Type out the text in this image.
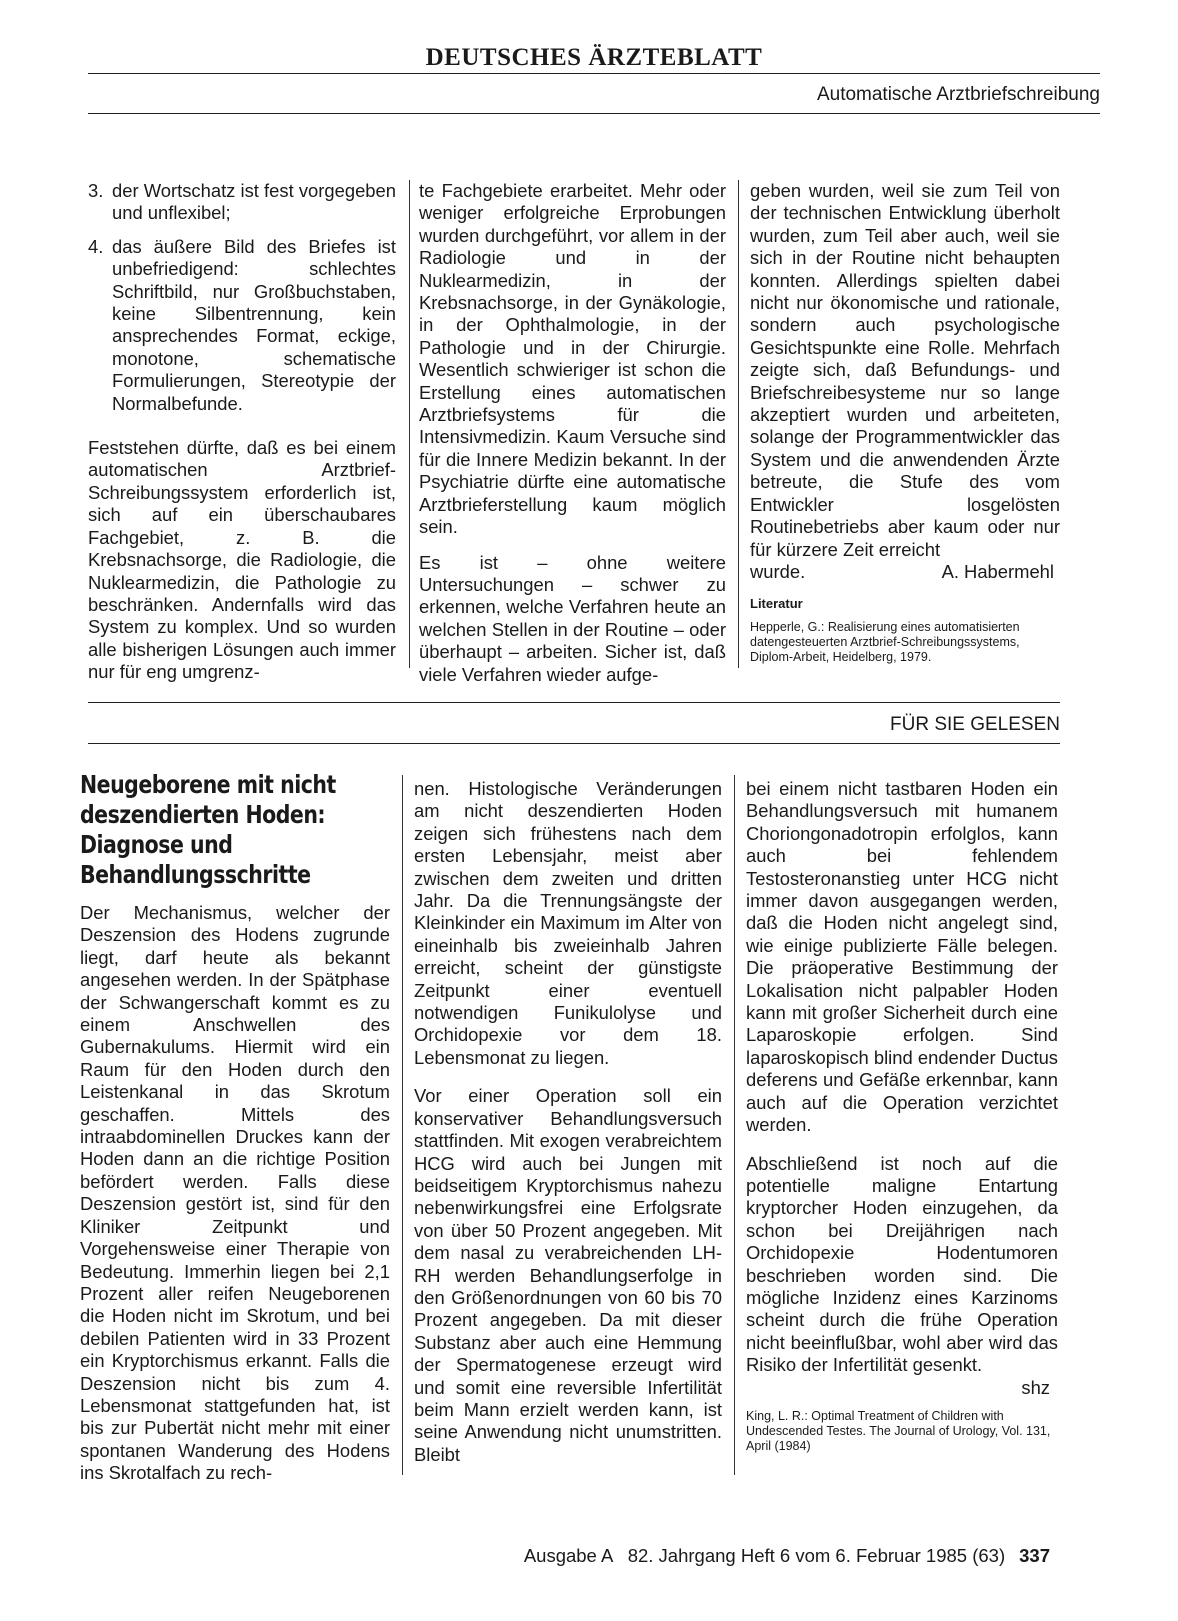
DEUTSCHES ÄRZTEBLATT
Automatische Arztbriefschreibung
3. der Wortschatz ist fest vorgegeben und unflexibel;
4. das äußere Bild des Briefes ist unbefriedigend: schlechtes Schriftbild, nur Großbuchstaben, keine Silbentrennung, kein ansprechendes Format, eckige, monotone, schematische Formulierungen, Stereotypie der Normalbefunde.

Feststehen dürfte, daß es bei einem automatischen Arztbrief-Schreibungssystem erforderlich ist, sich auf ein überschaubares Fachgebiet, z. B. die Krebsnachsorge, die Radiologie, die Nuklearmedizin, die Pathologie zu beschränken. Andernfalls wird das System zu komplex. Und so wurden alle bisherigen Lösungen auch immer nur für eng umgrenz-

te Fachgebiete erarbeitet. Mehr oder weniger erfolgreiche Erprobungen wurden durchgeführt, vor allem in der Radiologie und in der Nuklearmedizin, in der Krebsnachsorge, in der Gynäkologie, in der Ophthalmologie, in der Pathologie und in der Chirurgie. Wesentlich schwieriger ist schon die Erstellung eines automatischen Arztbriefsystems für die Intensivmedizin. Kaum Versuche sind für die Innere Medizin bekannt. In der Psychiatrie dürfte eine automatische Arztbrieferstellung kaum möglich sein.

Es ist – ohne weitere Untersuchungen – schwer zu erkennen, welche Verfahren heute an welchen Stellen in der Routine – oder überhaupt – arbeiten. Sicher ist, daß viele Verfahren wieder aufge-

geben wurden, weil sie zum Teil von der technischen Entwicklung überholt wurden, zum Teil aber auch, weil sie sich in der Routine nicht behaupten konnten. Allerdings spielten dabei nicht nur ökonomische und rationale, sondern auch psychologische Gesichtspunkte eine Rolle. Mehrfach zeigte sich, daß Befundungs- und Briefschreibesysteme nur so lange akzeptiert wurden und arbeiteten, solange der Programmentwickler das System und die anwendenden Ärzte betreute, die Stufe des vom Entwickler losgelösten Routinebetriebs aber kaum oder nur für kürzere Zeit erreicht

wurde.	A. Habermehl
Literatur
Hepperle, G.: Realisierung eines automatisierten datengesteuerten Arztbrief-Schreibungssystems, Diplom-Arbeit, Heidelberg, 1979.
FÜR SIE GELESEN
Neugeborene mit nicht deszendierten Hoden: Diagnose und Behandlungsschritte

Der Mechanismus, welcher der Deszension des Hodens zugrunde liegt, darf heute als bekannt angesehen werden. In der Spätphase der Schwangerschaft kommt es zu einem Anschwellen des Gubernakulums. Hiermit wird ein Raum für den Hoden durch den Leistenkanal in das Skrotum geschaffen. Mittels des intraabdominellen Druckes kann der Hoden dann an die richtige Position befördert werden. Falls diese Deszension gestört ist, sind für den Kliniker Zeitpunkt und Vorgehensweise einer Therapie von Bedeutung. Immerhin liegen bei 2,1 Prozent aller reifen Neugeborenen die Hoden nicht im Skrotum, und bei debilen Patienten wird in 33 Prozent ein Kryptorchismus erkannt. Falls die Deszension nicht bis zum 4. Lebensmonat stattgefunden hat, ist bis zur Pubertät nicht mehr mit einer spontanen Wanderung des Hodens ins Skrotalfach zu rech-

nen. Histologische Veränderungen am nicht deszendierten Hoden zeigen sich frühestens nach dem ersten Lebensjahr, meist aber zwischen dem zweiten und dritten Jahr. Da die Trennungsängste der Kleinkinder ein Maximum im Alter von eineinhalb bis zweieinhalb Jahren erreicht, scheint der günstigste Zeitpunkt einer eventuell notwendigen Funikulolyse und Orchidopexie vor dem 18. Lebensmonat zu liegen.

Vor einer Operation soll ein konservativer Behandlungsversuch stattfinden. Mit exogen verabreichtem HCG wird auch bei Jungen mit beidseitigem Kryptorchismus nahezu nebenwirkungsfrei eine Erfolgsrate von über 50 Prozent angegeben. Mit dem nasal zu verabreichenden LH-RH werden Behandlungserfolge in den Größenordnungen von 60 bis 70 Prozent angegeben. Da mit dieser Substanz aber auch eine Hemmung der Spermatogenese erzeugt wird und somit eine reversible Infertilität beim Mann erzielt werden kann, ist seine Anwendung nicht unumstritten. Bleibt

bei einem nicht tastbaren Hoden ein Behandlungsversuch mit humanem Choriongonadotropin erfolglos, kann auch bei fehlendem Testosteronanstieg unter HCG nicht immer davon ausgegangen werden, daß die Hoden nicht angelegt sind, wie einige publizierte Fälle belegen. Die präoperative Bestimmung der Lokalisation nicht palpabler Hoden kann mit großer Sicherheit durch eine Laparoskopie erfolgen. Sind laparoskopisch blind endender Ductus deferens und Gefäße erkennbar, kann auch auf die Operation verzichtet werden.

Abschließend ist noch auf die potentielle maligne Entartung kryptorcher Hoden einzugehen, da schon bei Dreijährigen nach Orchidopexie Hodentumoren beschrieben worden sind. Die mögliche Inzidenz eines Karzinoms scheint durch die frühe Operation nicht beeinflußbar, wohl aber wird das Risiko der Infertilität gesenkt.

shz
King, L. R.: Optimal Treatment of Children with Undescended Testes. The Journal of Urology, Vol. 131, April (1984)
Ausgabe A   82. Jahrgang Heft 6 vom 6. Februar 1985 (63) 337
